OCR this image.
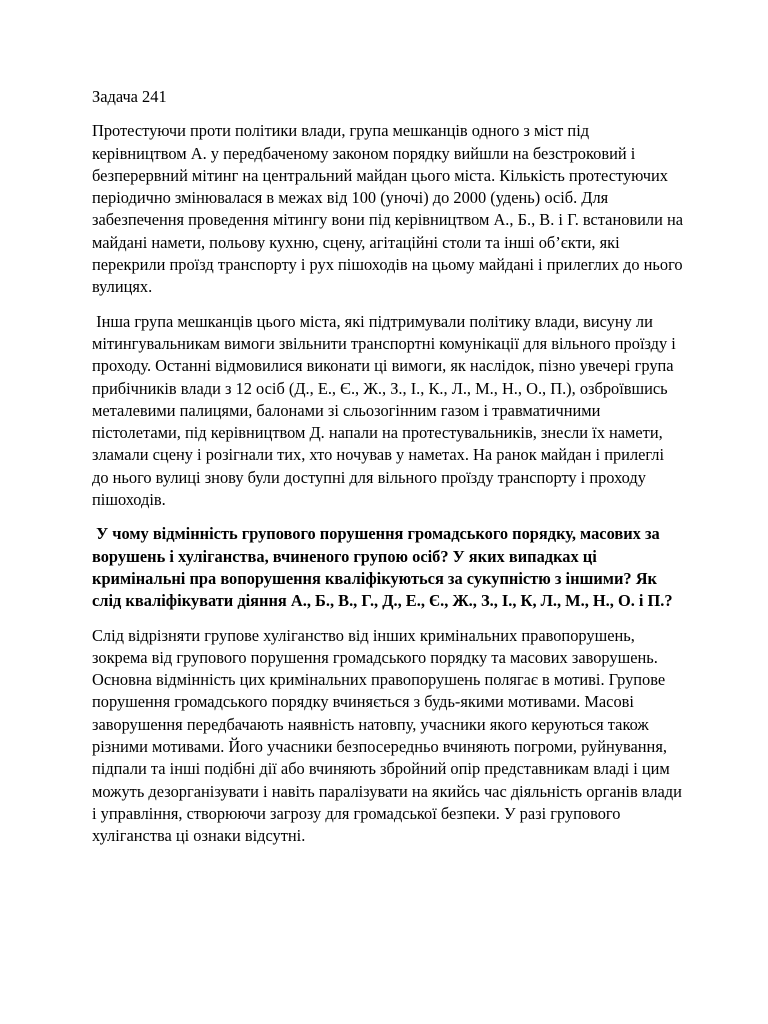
Задача 241

Протестуючи проти політики влади, група мешканців одного з міст під керівництвом А. у передбаченому законом порядку вийшли на безстроковий і безперервний мітинг на центральний майдан цього міста. Кількість протестуючих періодично змінювалася в межах від 100 (уночі) до 2000 (удень) осіб. Для забезпечення проведення мітингу вони під керівництвом А., Б., В. і Г. встановили на майдані намети, польову кухню, сцену, агітаційні столи та інші об’єкти, які перекрили проїзд транспорту і рух пішоходів на цьому майдані і прилеглих до нього вулицях.

Інша група мешканців цього міста, які підтримували політику влади, висуну ли мітингувальникам вимоги звільнити транспортні комунікації для вільного проїзду і проходу. Останні відмовилися виконати ці вимоги, як наслідок, пізно увечері група прибічників влади з 12 осіб (Д., Е., Є., Ж., З., І., К., Л., М., Н., О., П.), озброївшись металевими палицями, балонами зі сльозогінним газом і травматичними пістолетами, під керівництвом Д. напали на протестувальників, знесли їх намети, зламали сцену і розігнали тих, хто ночував у наметах. На ранок майдан і прилеглі до нього вулиці знову були доступні для вільного проїзду транспорту і проходу пішоходів.

У чому відмінність групового порушення громадського порядку, масових за ворушень і хуліганства, вчиненого групою осіб? У яких випадках ці кримінальні пра вопорушення кваліфікуються за сукупністю з іншими? Як слід кваліфікувати діяння А., Б., В., Г., Д., Е., Є., Ж., З., І., К, Л., М., Н., О. і П.?

Слід відрізняти групове хуліганство від інших кримінальних правопорушень, зокрема від групового порушення громадського порядку та масових заворушень. Основна відмінність цих кримінальних правопорушень полягає в мотиві. Групове порушення громадського порядку вчиняється з будь-якими мотивами. Масові заворушення передбачають наявність натовпу, учасники якого керуються також різними мотивами. Його учасники безпосередньо вчиняють погроми, руйнування, підпали та інші подібні дії або вчиняють збройний опір представникам владі і цим можуть дезорганізувати і навіть паралізувати на якийсь час діяльність органів влади і управління, створюючи загрозу для громадської безпеки. У разі групового хуліганства ці ознаки відсутні.
